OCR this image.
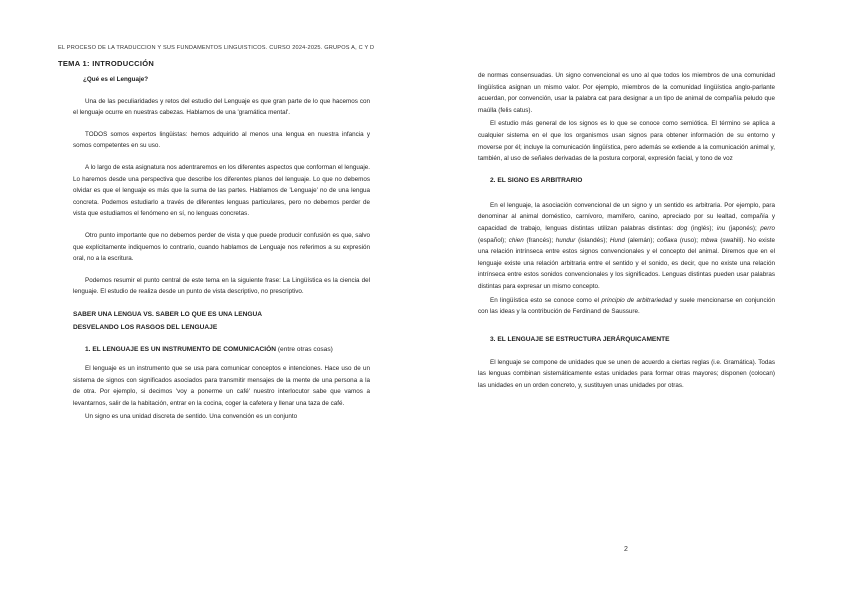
EL PROCESO DE LA TRADUCCIÓN Y SUS FUNDAMENTOS LINGÜÍSTICOS. CURSO 2024-2025. GRUPOS A, C Y D
TEMA 1: INTRODUCCIÓN
¿Qué es el Lenguaje?

Una de las peculiaridades y retos del estudio del Lenguaje es que gran parte de lo que hacemos con el lenguaje ocurre en nuestras cabezas. Hablamos de una 'gramática mental'.

TODOS somos expertos lingüistas: hemos adquirido al menos una lengua en nuestra infancia y somos competentes en su uso.

A lo largo de esta asignatura nos adentraremos en los diferentes aspectos que conforman el lenguaje. Lo haremos desde una perspectiva que describe los diferentes planos del lenguaje. Lo que no debemos olvidar es que el lenguaje es más que la suma de las partes. Hablamos de 'Lenguaje' no de una lengua concreta. Podemos estudiarlo a través de diferentes lenguas particulares, pero no debemos perder de vista que estudiamos el fenómeno en sí, no lenguas concretas.

Otro punto importante que no debemos perder de vista y que puede producir confusión es que, salvo que explícitamente indiquemos lo contrario, cuando hablamos de Lenguaje nos referimos a su expresión oral, no a la escritura.

Podemos resumir el punto central de este tema en la siguiente frase: La Lingüística es la ciencia del lenguaje. El estudio de realiza desde un punto de vista descriptivo, no prescriptivo.

SABER UNA LENGUA VS. SABER LO QUE ES UNA LENGUA

DESVELANDO LOS RASGOS DEL LENGUAJE

1. EL LENGUAJE ES UN INSTRUMENTO DE COMUNICACIÓN (entre otras cosas)

El lenguaje es un instrumento que se usa para comunicar conceptos e intenciones. Hace uso de un sistema de signos con significados asociados para transmitir mensajes de la mente de una persona a la de otra. Por ejemplo, si decimos 'voy a ponerme un café' nuestro interlocutor sabe que vamos a levantarnos, salir de la habitación, entrar en la cocina, coger la cafetera y llenar una taza de café.

Un signo es una unidad discreta de sentido. Una convención es un conjunto

de normas consensuadas. Un signo convencional es uno al que todos los miembros de una comunidad lingüística asignan un mismo valor. Por ejemplo, miembros de la comunidad lingüística anglo-parlante acuerdan, por convención, usar la palabra cat para designar a un tipo de animal de compañía peludo que maúlla (felis catus).

El estudio más general de los signos es lo que se conoce como semiótica. El término se aplica a cualquier sistema en el que los organismos usan signos para obtener información de su entorno y moverse por él; incluye la comunicación lingüística, pero además se extiende a la comunicación animal y, también, al uso de señales derivadas de la postura corporal, expresión facial, y tono de voz

2. EL SIGNO ES ARBITRARIO

En el lenguaje, la asociación convencional de un signo y un sentido es arbitraria. Por ejemplo, para denominar al animal doméstico, carnívoro, mamífero, canino, apreciado por su lealtad, compañía y capacidad de trabajo, lenguas distintas utilizan palabras distintas: dog (inglés); inu (japonés); perro (español); chien (francés); hundur (islandés); Hund (alemán); собака (ruso); mbwa (swahili). No existe una relación intrínseca entre estos signos convencionales y el concepto del animal. Diremos que en el lenguaje existe una relación arbitraria entre el sentido y el sonido, es decir, que no existe una relación intrínseca entre estos sonidos convencionales y los significados. Lenguas distintas pueden usar palabras distintas para expresar un mismo concepto.

En lingüística esto se conoce como el principio de arbitrariedad y suele mencionarse en conjunción con las ideas y la contribución de Ferdinand de Saussure.

3. EL LENGUAJE SE ESTRUCTURA JERÁRQUICAMENTE

El lenguaje se compone de unidades que se unen de acuerdo a ciertas reglas (i.e. Gramática). Todas las lenguas combinan sistemáticamente estas unidades para formar otras mayores; disponen (colocan) las unidades en un orden concreto, y, sustituyen unas unidades por otras.

2
